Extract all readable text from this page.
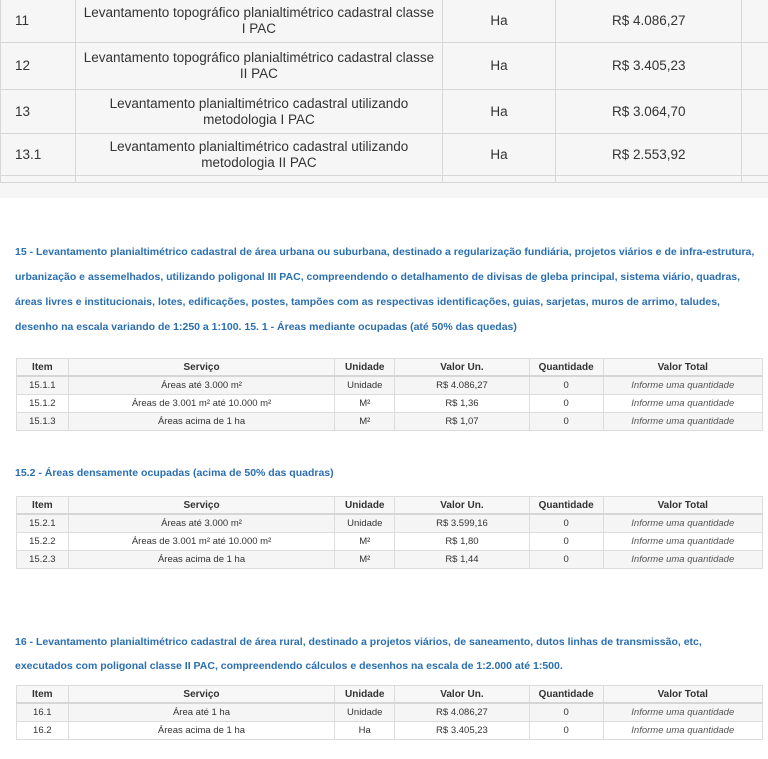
11	Levantamento topográfico planialtimétrico cadastral classe I PAC	Ha	R$ 4.086,27	
12	Levantamento topográfico planialtimétrico cadastral classe II PAC	Ha	R$ 3.405,23	
13	Levantamento planialtimétrico cadastral utilizando metodologia I PAC	Ha	R$ 3.064,70	
13.1	Levantamento planialtimétrico cadastral utilizando metodologia II PAC	Ha	R$ 2.553,92	

15 - Levantamento planialtimétrico cadastral de área urbana ou suburbana, destinado a regularização fundiária, projetos viários e de infra-estrutura, urbanização e assemelhados, utilizando poligonal III PAC, compreendendo o detalhamento de divisas de gleba principal, sistema viário, quadras, áreas livres e institucionais, lotes, edificações, postes, tampões com as respectivas identificações, guias, sarjetas, muros de arrimo, taludes, desenho na escala variando de 1:250 a 1:100. 15. 1 - Áreas mediante ocupadas (até 50% das quedas)
Item	Serviço	Unidade	Valor Un.	Quantidade	Valor Total
15.1.1	Áreas até 3.000 m²	Unidade	R$ 4.086,27	0	Informe uma quantidade
15.1.2	Áreas de 3.001 m² até 10.000 m²	M²	R$ 1,36	0	Informe uma quantidade
15.1.3	Áreas acima de 1 ha	M²	R$ 1,07	0	Informe uma quantidade
15.2 - Áreas densamente ocupadas (acima de 50% das quadras)
Item	Serviço	Unidade	Valor Un.	Quantidade	Valor Total
15.2.1	Áreas até 3.000 m²	Unidade	R$ 3.599,16	0	Informe uma quantidade
15.2.2	Áreas de 3.001 m² até 10.000 m²	M²	R$ 1,80	0	Informe uma quantidade
15.2.3	Áreas acima de 1 ha	M²	R$ 1,44	0	Informe uma quantidade
16 - Levantamento planialtimétrico cadastral de área rural, destinado a projetos viários, de saneamento, dutos linhas de transmissão, etc, executados com poligonal classe II PAC, compreendendo cálculos e desenhos na escala de 1:2.000 até 1:500.
Item	Serviço	Unidade	Valor Un.	Quantidade	Valor Total
16.1	Área até 1 ha	Unidade	R$ 4.086,27	0	Informe uma quantidade
16.2	Áreas acima de 1 ha	Ha	R$ 3.405,23	0	Informe uma quantidade
